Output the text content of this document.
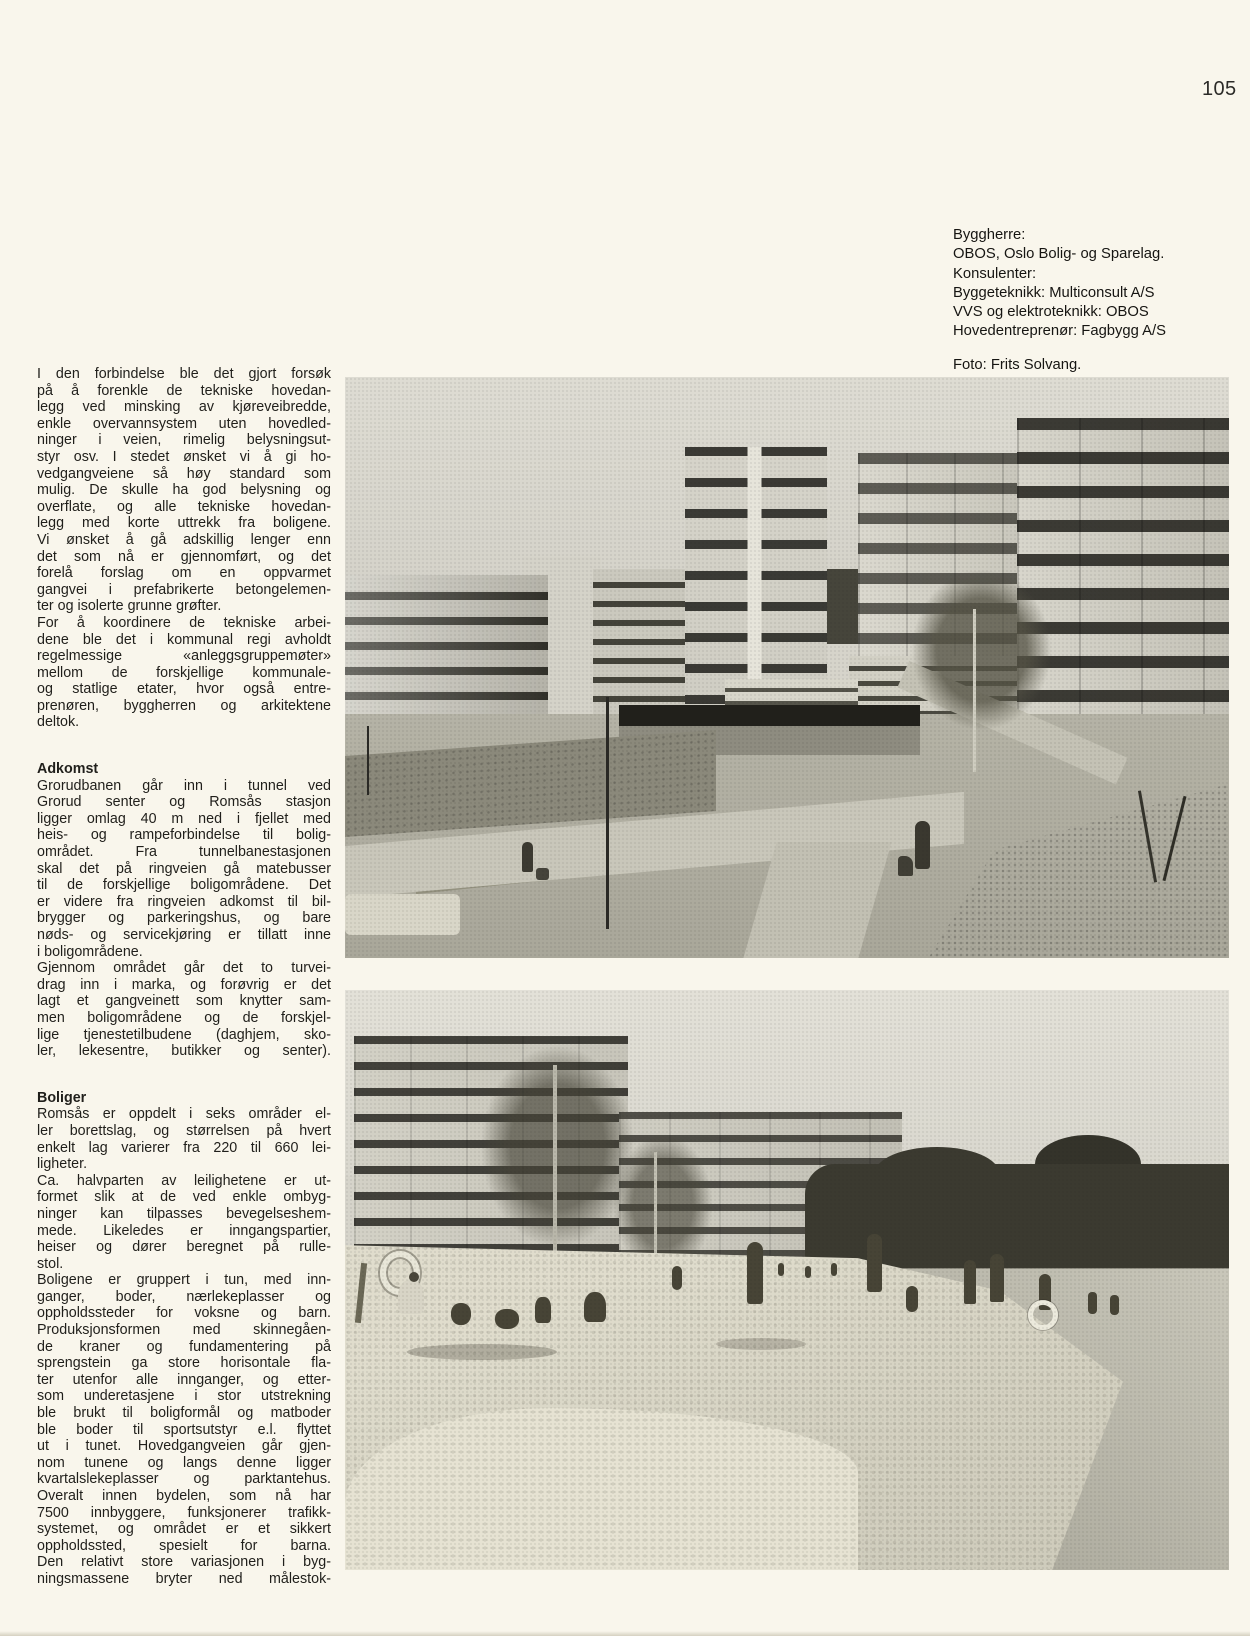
105
Byggherre:
OBOS, Oslo Bolig- og Sparelag.
Konsulenter:
Byggeteknikk: Multiconsult A/S
VVS og elektroteknikk: OBOS
Hovedentreprenør: Fagbygg A/S
Foto: Frits Solvang.
I den forbindelse ble det gjort forsøk
på å forenkle de tekniske hovedan-
legg ved minsking av kjøreveibredde,
enkle overvannsystem uten hovedled-
ninger i veien, rimelig belysningsut-
styr osv. I stedet ønsket vi å gi ho-
vedgangveiene så høy standard som
mulig. De skulle ha god belysning og
overflate, og alle tekniske hovedan-
legg med korte uttrekk fra boligene.
Vi ønsket å gå adskillig lenger enn
det som nå er gjennomført, og det
forelå forslag om en oppvarmet
gangvei i prefabrikerte betongelemen-
ter og isolerte grunne grøfter.
For å koordinere de tekniske arbei-
dene ble det i kommunal regi avholdt
regelmessige «anleggsgruppemøter»
mellom de forskjellige kommunale-
og statlige etater, hvor også entre-
prenøren, byggherren og arkitektene
deltok.
Adkomst
Grorudbanen går inn i tunnel ved
Grorud senter og Romsås stasjon
ligger omlag 40 m ned i fjellet med
heis- og rampeforbindelse til bolig-
området. Fra tunnelbanestasjonen
skal det på ringveien gå matebusser
til de forskjellige boligområdene. Det
er videre fra ringveien adkomst til bil-
brygger og parkeringshus, og bare
nøds- og servicekjøring er tillatt inne
i boligområdene.
Gjennom området går det to turvei-
drag inn i marka, og forøvrig er det
lagt et gangveinett som knytter sam-
men boligområdene og de forskjel-
lige tjenestetilbudene (daghjem, sko-
ler, lekesentre, butikker og senter).
Boliger
Romsås er oppdelt i seks områder el-
ler borettslag, og størrelsen på hvert
enkelt lag varierer fra 220 til 660 lei-
ligheter.
Ca. halvparten av leilighetene er ut-
formet slik at de ved enkle ombyg-
ninger kan tilpasses bevegelseshem-
mede. Likeledes er inngangspartier,
heiser og dører beregnet på rulle-
stol.
Boligene er gruppert i tun, med inn-
ganger, boder, nærlekeplasser og
oppholdssteder for voksne og barn.
Produksjonsformen med skinnegåen-
de kraner og fundamentering på
sprengstein ga store horisontale fla-
ter utenfor alle innganger, og etter-
som underetasjene i stor utstrekning
ble brukt til boligformål og matboder
ble boder til sportsutstyr e.l. flyttet
ut i tunet. Hovedgangveien går gjen-
nom tunene og langs denne ligger
kvartalslekeplasser og parktantehus.
Overalt innen bydelen, som nå har
7500 innbyggere, funksjonerer trafikk-
systemet, og området er et sikkert
oppholdssted, spesielt for barna.
Den relativt store variasjonen i byg-
ningsmassene bryter ned målestok-
